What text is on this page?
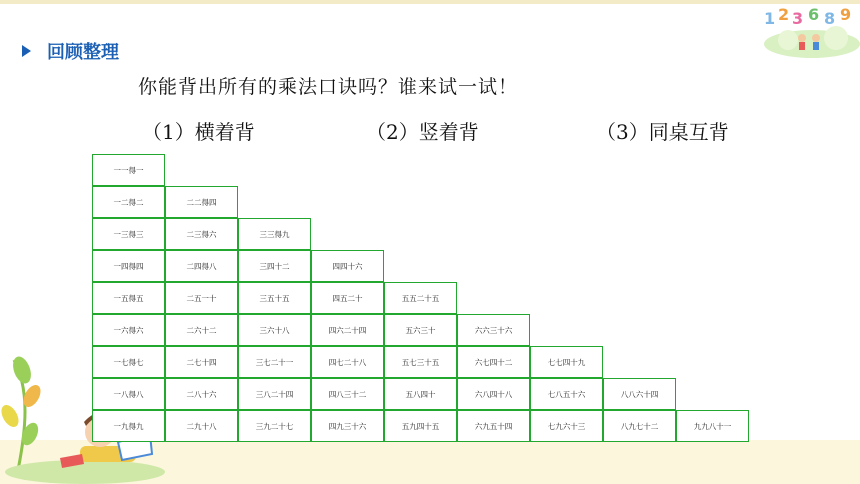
1 2 3 6 8 9
回顾整理
你能背出所有的乘法口诀吗？谁来试一试！
（1）横着背	（2）竖着背	（3）同桌互背
一一得一
一二得二	二二得四
一三得三	二三得六	三三得九
一四得四	二四得八	三四十二	四四十六
一五得五	二五一十	三五十五	四五二十	五五二十五
一六得六	二六十二	三六十八	四六二十四	五六三十	六六三十六
一七得七	二七十四	三七二十一	四七二十八	五七三十五	六七四十二	七七四十九
一八得八	二八十六	三八二十四	四八三十二	五八四十	六八四十八	七八五十六	八八六十四
一九得九	二九十八	三九二十七	四九三十六	五九四十五	六九五十四	七九六十三	八九七十二	九九八十一
